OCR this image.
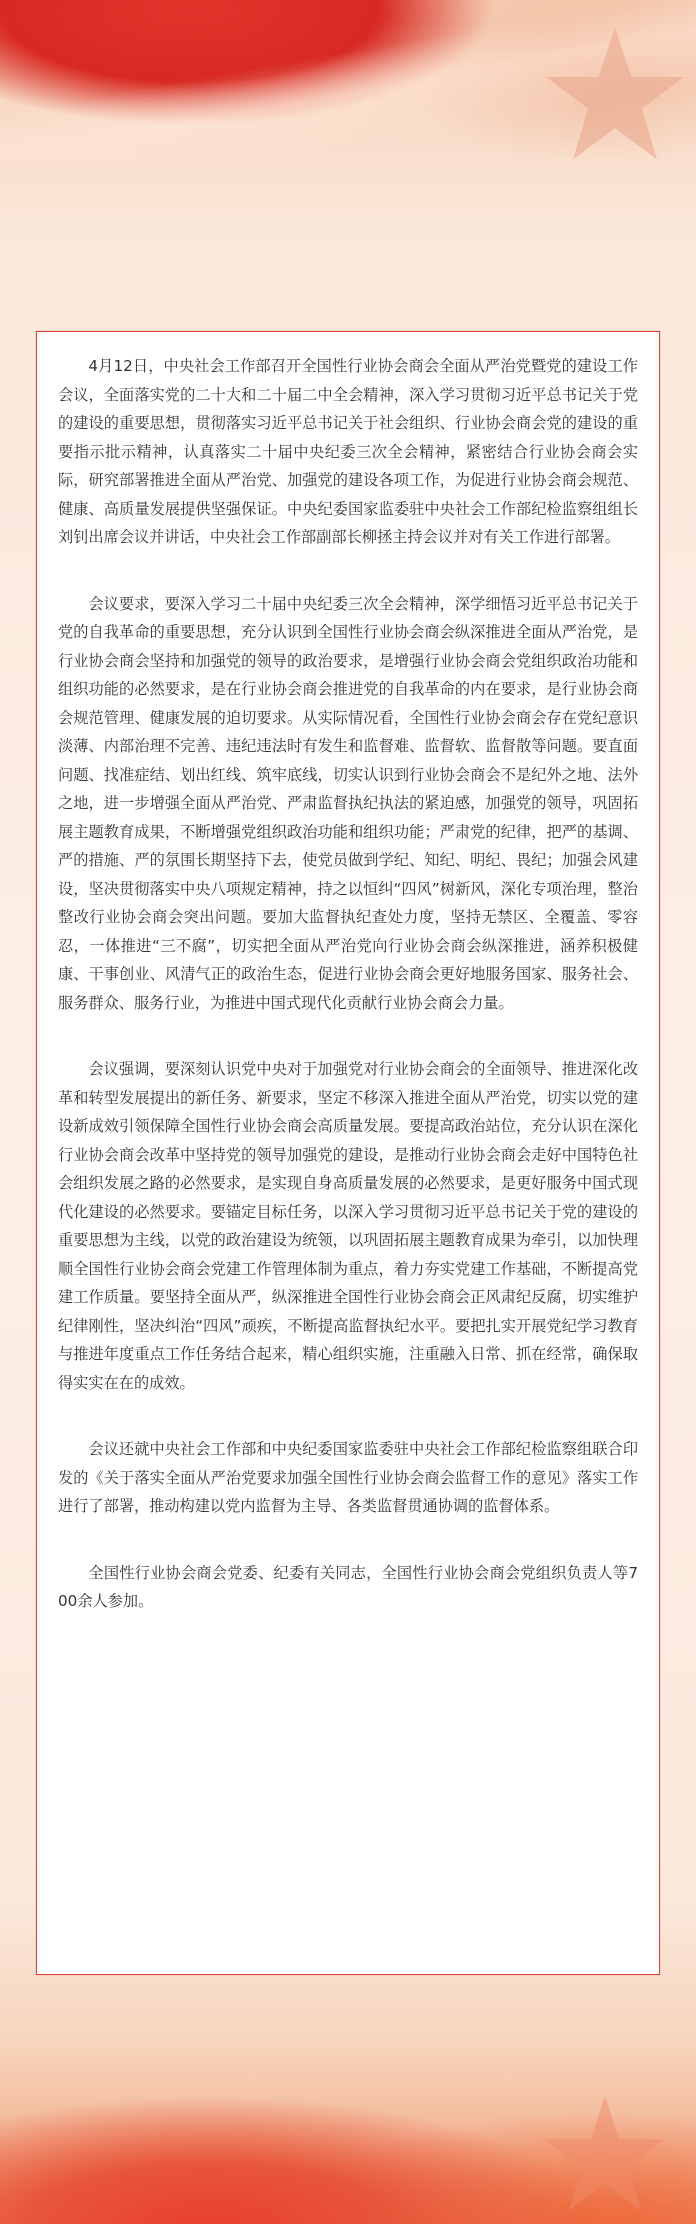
4月12日，中央社会工作部召开全国性行业协会商会全面从严治党暨党的建设工作会议，全面落实党的二十大和二十届二中全会精神，深入学习贯彻习近平总书记关于党的建设的重要思想，贯彻落实习近平总书记关于社会组织、行业协会商会党的建设的重要指示批示精神，认真落实二十届中央纪委三次全会精神，紧密结合行业协会商会实际，研究部署推进全面从严治党、加强党的建设各项工作，为促进行业协会商会规范、健康、高质量发展提供坚强保证。中央纪委国家监委驻中央社会工作部纪检监察组组长刘钊出席会议并讲话，中央社会工作部副部长柳拯主持会议并对有关工作进行部署。

会议要求，要深入学习二十届中央纪委三次全会精神，深学细悟习近平总书记关于党的自我革命的重要思想，充分认识到全国性行业协会商会纵深推进全面从严治党，是行业协会商会坚持和加强党的领导的政治要求，是增强行业协会商会党组织政治功能和组织功能的必然要求，是在行业协会商会推进党的自我革命的内在要求，是行业协会商会规范管理、健康发展的迫切要求。从实际情况看，全国性行业协会商会存在党纪意识淡薄、内部治理不完善、违纪违法时有发生和监督难、监督软、监督散等问题。要直面问题、找准症结、划出红线、筑牢底线，切实认识到行业协会商会不是纪外之地、法外之地，进一步增强全面从严治党、严肃监督执纪执法的紧迫感，加强党的领导，巩固拓展主题教育成果，不断增强党组织政治功能和组织功能；严肃党的纪律，把严的基调、严的措施、严的氛围长期坚持下去，使党员做到学纪、知纪、明纪、畏纪；加强会风建设，坚决贯彻落实中央八项规定精神，持之以恒纠“四风”树新风，深化专项治理，整治整改行业协会商会突出问题。要加大监督执纪查处力度，坚持无禁区、全覆盖、零容忍，一体推进“三不腐”，切实把全面从严治党向行业协会商会纵深推进，涵养积极健康、干事创业、风清气正的政治生态，促进行业协会商会更好地服务国家、服务社会、服务群众、服务行业，为推进中国式现代化贡献行业协会商会力量。

会议强调，要深刻认识党中央对于加强党对行业协会商会的全面领导、推进深化改革和转型发展提出的新任务、新要求，坚定不移深入推进全面从严治党，切实以党的建设新成效引领保障全国性行业协会商会高质量发展。要提高政治站位，充分认识在深化行业协会商会改革中坚持党的领导加强党的建设，是推动行业协会商会走好中国特色社会组织发展之路的必然要求，是实现自身高质量发展的必然要求，是更好服务中国式现代化建设的必然要求。要锚定目标任务，以深入学习贯彻习近平总书记关于党的建设的重要思想为主线，以党的政治建设为统领，以巩固拓展主题教育成果为牵引，以加快理顺全国性行业协会商会党建工作管理体制为重点，着力夯实党建工作基础，不断提高党建工作质量。要坚持全面从严，纵深推进全国性行业协会商会正风肃纪反腐，切实维护纪律刚性，坚决纠治“四风”顽疾，不断提高监督执纪水平。要把扎实开展党纪学习教育与推进年度重点工作任务结合起来，精心组织实施，注重融入日常、抓在经常，确保取得实实在在的成效。

会议还就中央社会工作部和中央纪委国家监委驻中央社会工作部纪检监察组联合印发的《关于落实全面从严治党要求加强全国性行业协会商会监督工作的意见》落实工作进行了部署，推动构建以党内监督为主导、各类监督贯通协调的监督体系。

全国性行业协会商会党委、纪委有关同志，全国性行业协会商会党组织负责人等700余人参加。
